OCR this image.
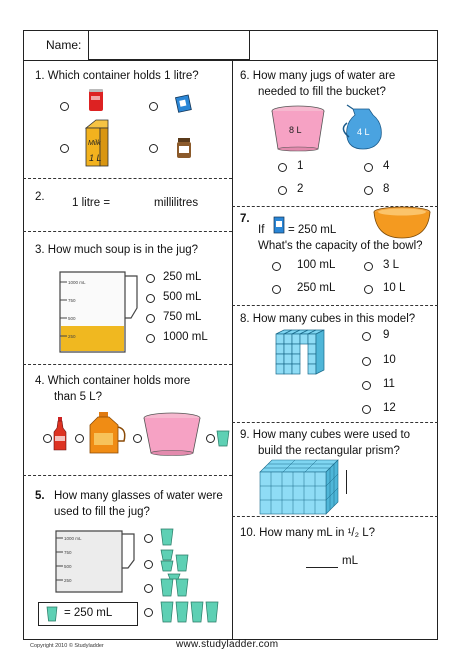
Name:
1. Which container holds 1 litre?
Milk
1 L
2. 1 litre =	millilitres
3. How much soup is in the jug?
1000 mL
750
500
250
250 mL
500 mL
750 mL
1000 mL
4. Which container holds more
than 5 L?
5. How many glasses of water were
used to fill the jug?
1000 mL
750
500
250
= 250 mL
6. How many jugs of water are
needed to fill the bucket?
8 L	4 L
1	4
2	8
7.
If = 250 mL
What's the capacity of the bowl?
100 mL	3 L
250 mL	10 L
8. How many cubes in this model?
9
10
11
12
9. How many cubes were used to
build the rectangular prism?
10. How many mL in ¹/₂ L?
mL
Copyright 2010 © Studyladder	www.studyladder.com
